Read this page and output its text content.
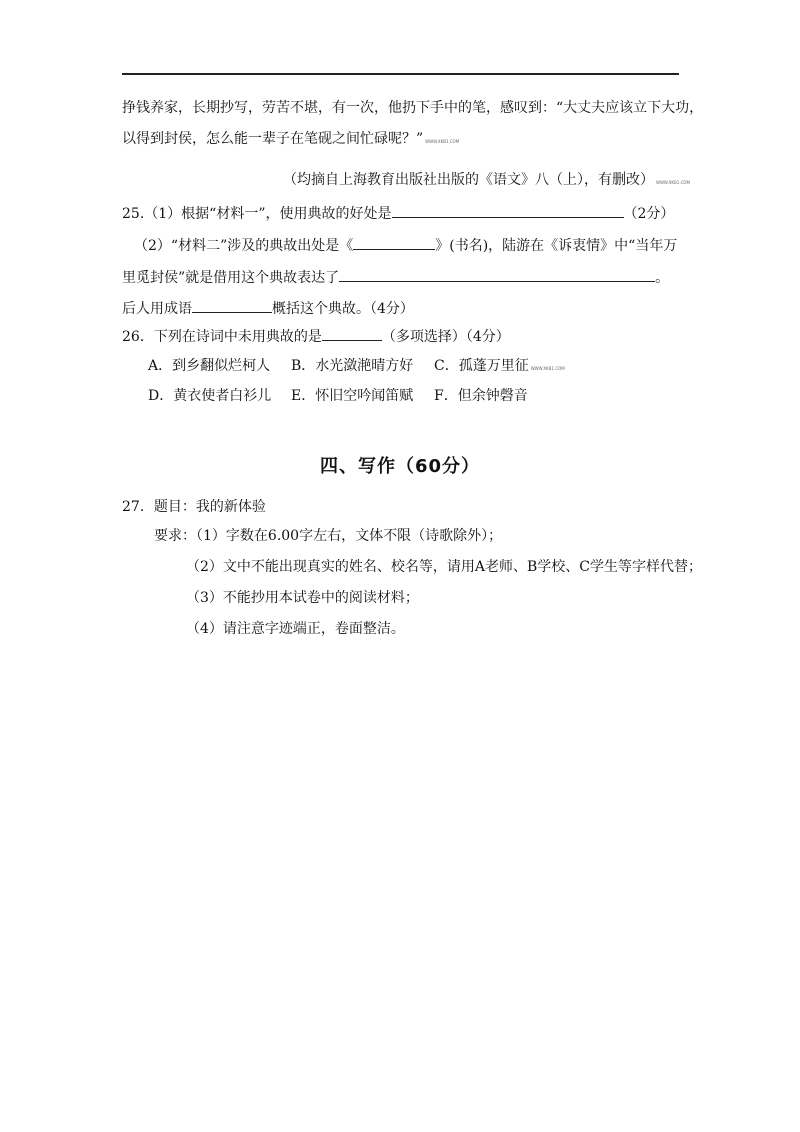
挣钱养家，长期抄写，劳苦不堪，有一次，他扔下手中的笔，感叹到：“大丈夫应该立下大功，
以得到封侯，怎么能一辈子在笔砚之间忙碌呢？” WWW.XKB1.COM
（均摘自上海教育出版社出版的《语文》八（上），有删改） WWW.XKB1.COM
25.（1）根据“材料一”，使用典故的好处是	（2分）
（2）“材料二”涉及的典故出处是《	》(书名)，陆游在《诉衷情》中“当年万
里觅封侯”就是借用这个典故表达了	。
后人用成语	概括这个典故。（4分）
26．下列在诗词中未用典故的是	（多项选择）（4分）
A．到乡翻似烂柯人 B．水光潋滟晴方好 C．孤蓬万里征 WWW.XKB1.COM
D．黄衣使者白衫儿 E．怀旧空吟闻笛赋 F．但余钟磬音
四、写作（60分）
27．题目：我的新体验
要求：（1）字数在6.00字左右，文体不限（诗歌除外）；
（2）文中不能出现真实的姓名、校名等，请用A老师、B学校、C学生等字样代替；
（3）不能抄用本试卷中的阅读材料；
（4）请注意字迹端正，卷面整洁。
